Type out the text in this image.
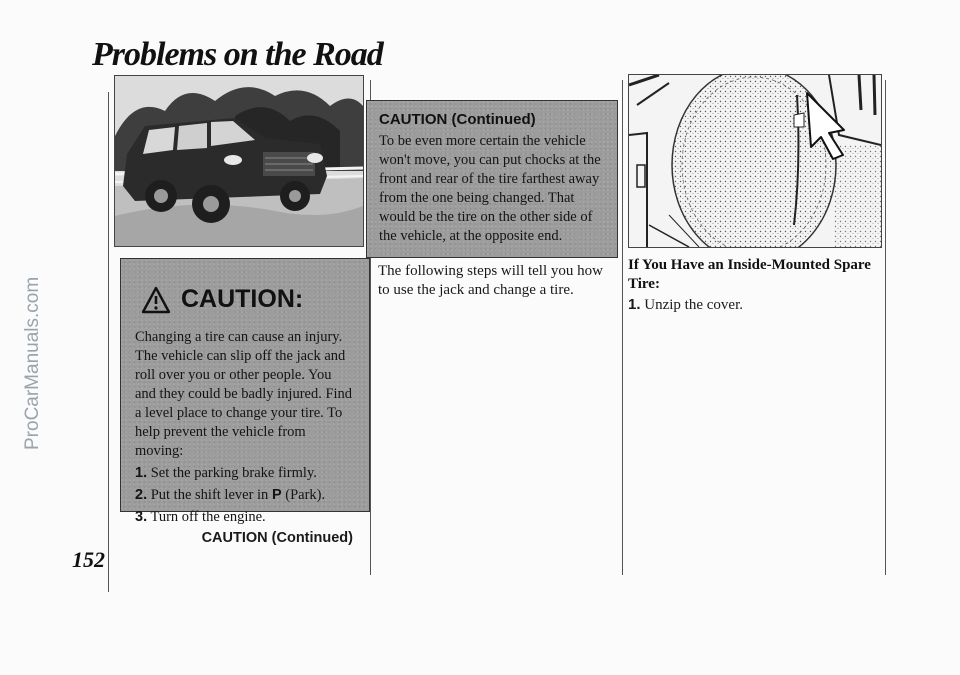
Problems on the Road
ProCarManuals.com
152
CAUTION:
Changing a tire can cause an injury. The vehicle can slip off the jack and roll over you or other people. You and they could be badly injured. Find a level place to change your tire. To help prevent the vehicle from moving:
1. Set the parking brake firmly.
2. Put the shift lever in P (Park).
3. Turn off the engine.
CAUTION (Continued)
CAUTION (Continued)
To be even more certain the vehicle won't move, you can put chocks at the front and rear of the tire farthest away from the one being changed. That would be the tire on the other side of the vehicle, at the opposite end.
The following steps will tell you how to use the jack and change a tire.
If You Have an Inside-Mounted Spare Tire:
1. Unzip the cover.
